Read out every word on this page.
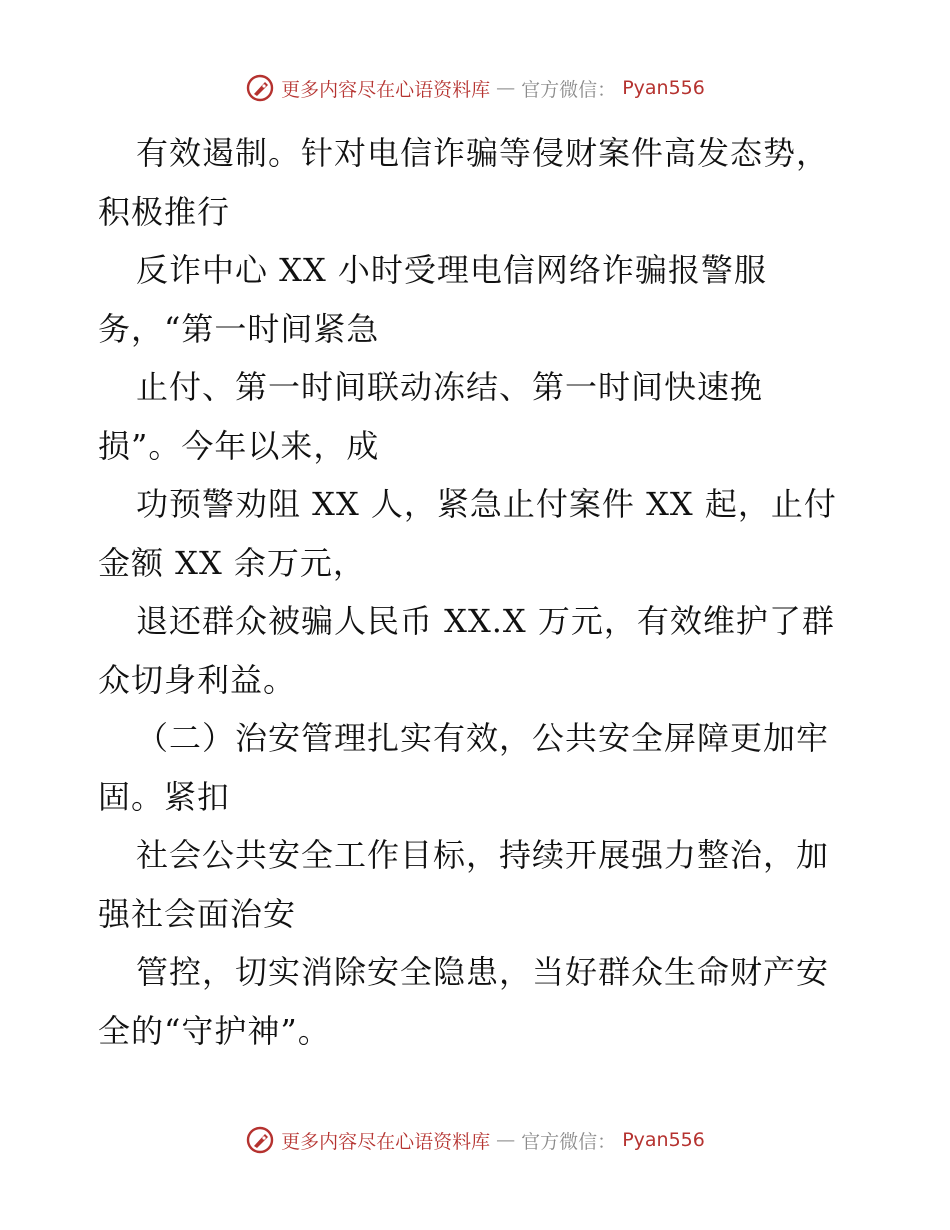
更多内容尽在心语资料库 — 官方微信： Pyan556
有效遏制。针对电信诈骗等侵财案件高发态势，
积极推行
反诈中心 XX 小时受理电信网络诈骗报警服
务，“第一时间紧急
止付、第一时间联动冻结、第一时间快速挽
损”。今年以来，成
功预警劝阻 XX 人，紧急止付案件 XX 起，止付
金额 XX 余万元，
退还群众被骗人民币 XX.X 万元，有效维护了群
众切身利益。
（二）治安管理扎实有效，公共安全屏障更加牢
固。紧扣
社会公共安全工作目标，持续开展强力整治，加
强社会面治安
管控，切实消除安全隐患，当好群众生命财产安
全的“守护神”。
更多内容尽在心语资料库 — 官方微信： Pyan556
